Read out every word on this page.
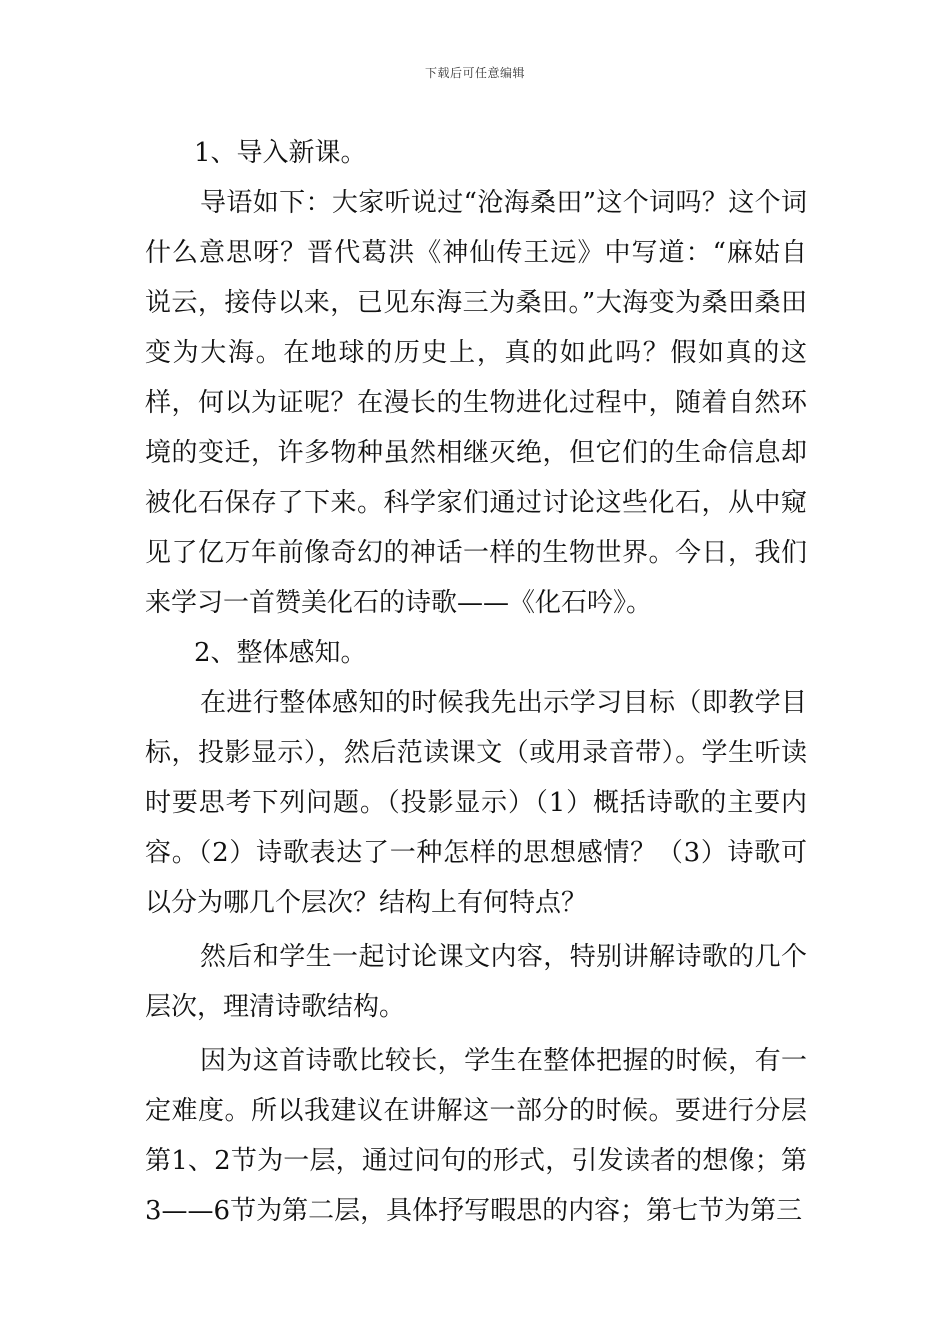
下载后可任意编辑

1、导入新课。

导语如下：大家听说过“沧海桑田”这个词吗？这个词什么意思呀？晋代葛洪《神仙传王远》中写道：“麻姑自说云，接侍以来，已见东海三为桑田。”大海变为桑田桑田变为大海。在地球的历史上，真的如此吗？假如真的这样，何以为证呢？在漫长的生物进化过程中，随着自然环境的变迁，许多物种虽然相继灭绝，但它们的生命信息却被化石保存了下来。科学家们通过讨论这些化石，从中窥见了亿万年前像奇幻的神话一样的生物世界。今日，我们来学习一首赞美化石的诗歌——《化石吟》。

2、整体感知。

在进行整体感知的时候我先出示学习目标（即教学目标，投影显示），然后范读课文（或用录音带）。学生听读时要思考下列问题。（投影显示）（1）概括诗歌的主要内容。（2）诗歌表达了一种怎样的思想感情？（3）诗歌可以分为哪几个层次？结构上有何特点？

然后和学生一起讨论课文内容，特别讲解诗歌的几个层次，理清诗歌结构。

因为这首诗歌比较长，学生在整体把握的时候，有一定难度。所以我建议在讲解这一部分的时候。要进行分层第1、2节为一层，通过问句的形式，引发读者的想像；第3——6节为第二层，具体抒写暇思的内容；第七节为第三
